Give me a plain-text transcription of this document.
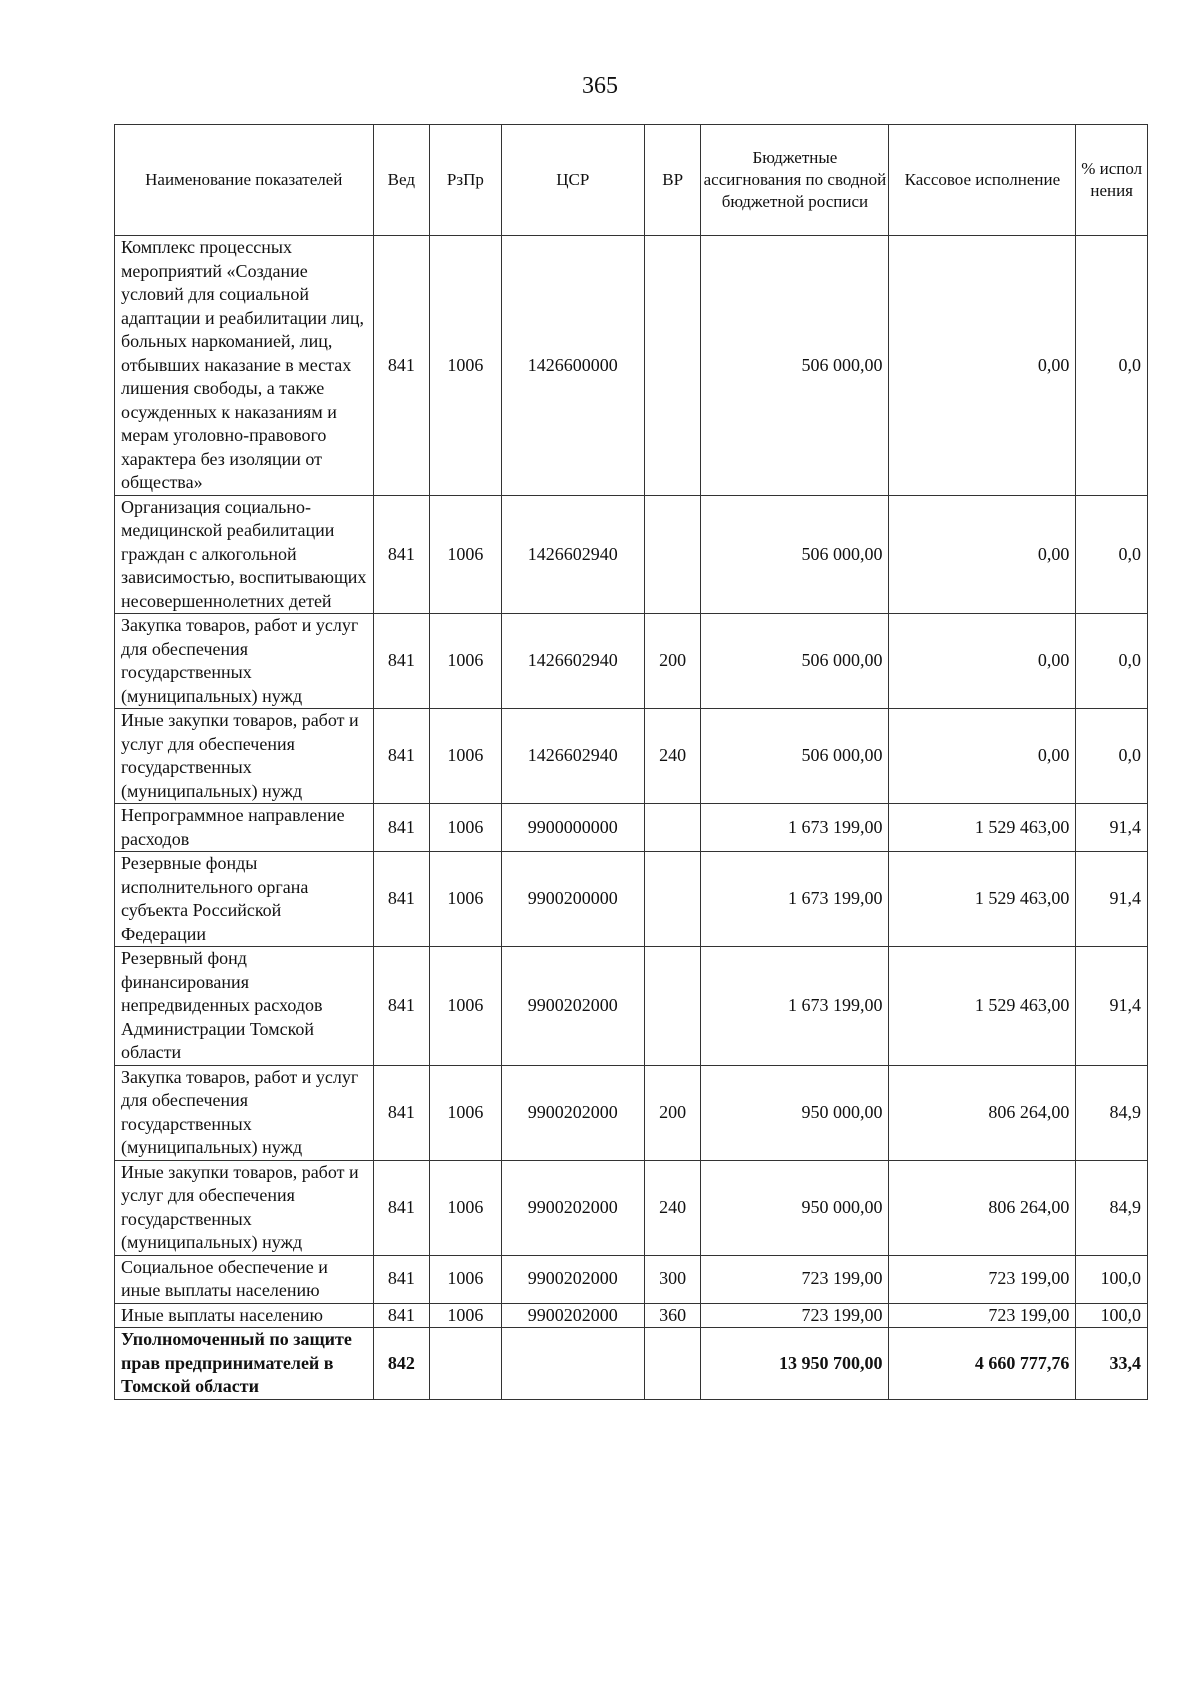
365
Наименование показателей	Вед	РзПр	ЦСР	ВР	Бюджетные ассигнования по сводной бюджетной росписи	Кассовое исполнение	% испол нения
Комплекс процессных мероприятий «Создание условий для социальной адаптации и реабилитации лиц, больных наркоманией, лиц, отбывших наказание в местах лишения свободы, а также осужденных к наказаниям и мерам уголовно-правового характера без изоляции от общества»	841	1006	1426600000		506 000,00	0,00	0,0
Организация социально-медицинской реабилитации граждан с алкогольной зависимостью, воспитывающих несовершеннолетних детей	841	1006	1426602940		506 000,00	0,00	0,0
Закупка товаров, работ и услуг для обеспечения государственных (муниципальных) нужд	841	1006	1426602940	200	506 000,00	0,00	0,0
Иные закупки товаров, работ и услуг для обеспечения государственных (муниципальных) нужд	841	1006	1426602940	240	506 000,00	0,00	0,0
Непрограммное направление расходов	841	1006	9900000000		1 673 199,00	1 529 463,00	91,4
Резервные фонды исполнительного органа субъекта Российской Федерации	841	1006	9900200000		1 673 199,00	1 529 463,00	91,4
Резервный фонд финансирования непредвиденных расходов Администрации Томской области	841	1006	9900202000		1 673 199,00	1 529 463,00	91,4
Закупка товаров, работ и услуг для обеспечения государственных (муниципальных) нужд	841	1006	9900202000	200	950 000,00	806 264,00	84,9
Иные закупки товаров, работ и услуг для обеспечения государственных (муниципальных) нужд	841	1006	9900202000	240	950 000,00	806 264,00	84,9
Социальное обеспечение и иные выплаты населению	841	1006	9900202000	300	723 199,00	723 199,00	100,0
Иные выплаты населению	841	1006	9900202000	360	723 199,00	723 199,00	100,0
Уполномоченный по защите прав предпринимателей в Томской области	842				13 950 700,00	4 660 777,76	33,4
